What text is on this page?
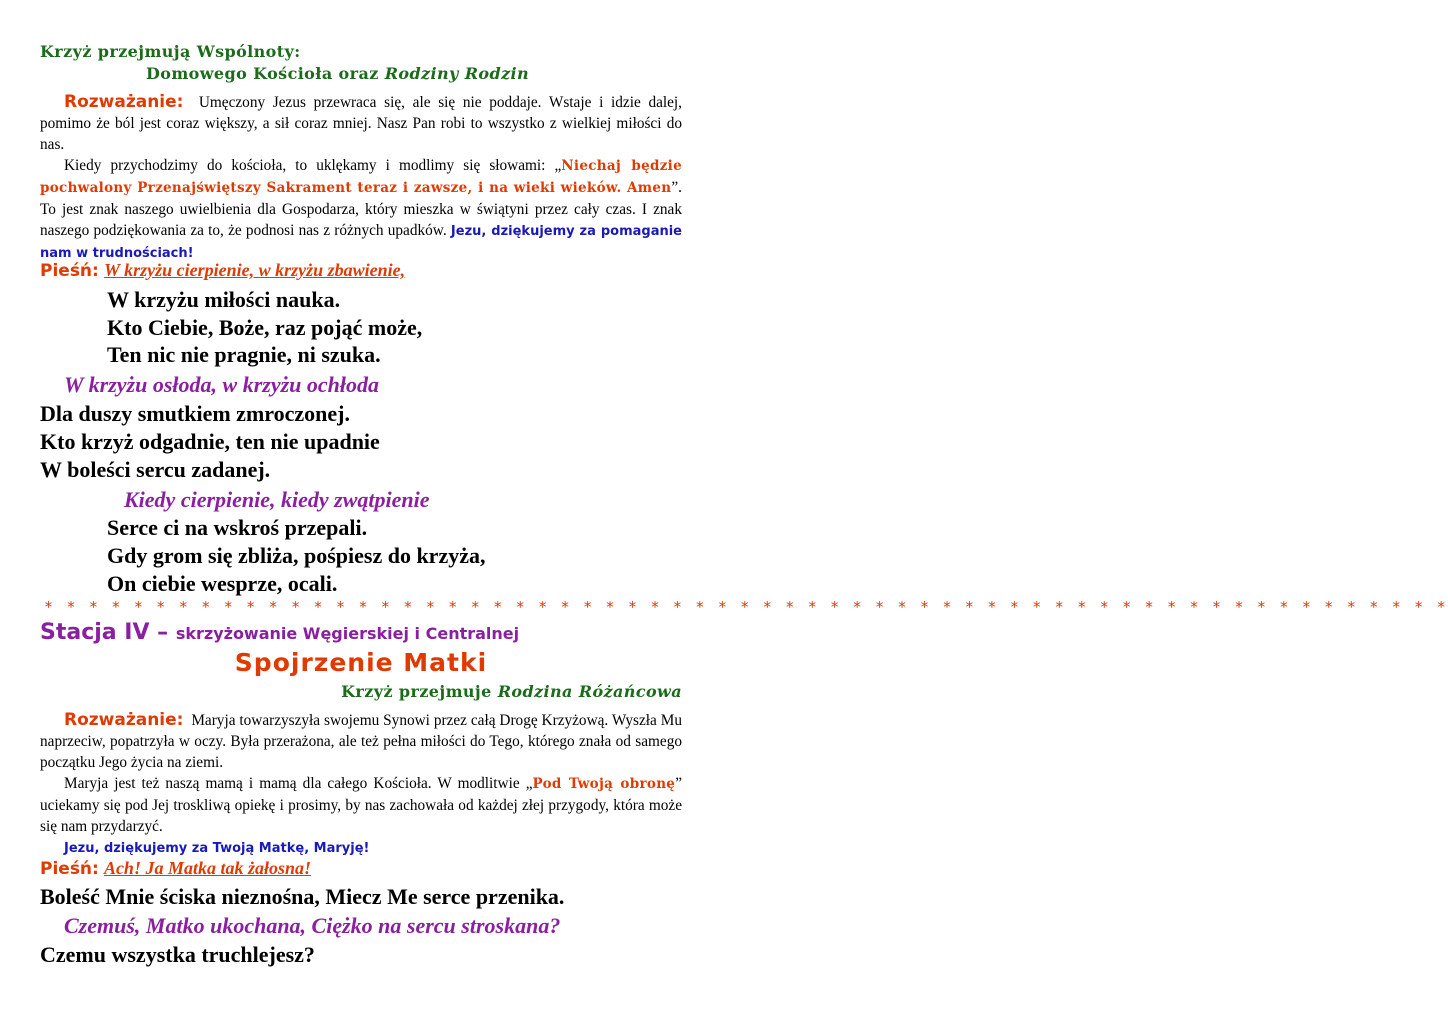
Krzyż przejmują Wspólnoty:
Domowego Kościoła oraz Rodziny Rodzin

Rozważanie: Umęczony Jezus przewraca się, ale się nie poddaje. Wstaje i idzie dalej, pomimo że ból jest coraz większy, a sił coraz mniej. Nasz Pan robi to wszystko z wielkiej miłości do nas.

Kiedy przychodzimy do kościoła, to uklękamy i modlimy się słowami: „Niechaj będzie pochwalony Przenajświętszy Sakrament teraz i zawsze, i na wieki wieków. Amen”. To jest znak naszego uwielbienia dla Gospodarza, który mieszka w świątyni przez cały czas. I znak naszego podziękowania za to, że podnosi nas z różnych upadków. Jezu, dziękujemy za pomaganie nam w trudnościach!

Pieśń: W krzyżu cierpienie, w krzyżu zbawienie,
W krzyżu miłości nauka.
Kto Ciebie, Boże, raz pojąć może,
Ten nic nie pragnie, ni szuka.
W krzyżu osłoda, w krzyżu ochłoda
Dla duszy smutkiem zmroczonej.
Kto krzyż odgadnie, ten nie upadnie
W boleści sercu zadanej.
Kiedy cierpienie, kiedy zwątpienie
Serce ci na wskroś przepali.
Gdy grom się zbliża, pośpiesz do krzyża,
On ciebie wesprze, ocali.
* * * * * * * * * * * * * * * * * * * * * * * * * * * * * * * * * * * * * * * * * * * * * * * * * * * * * * * * * * * * * * *
Stacja IV – skrzyżowanie Węgierskiej i Centralnej
Spojrzenie Matki
Krzyż przejmuje Rodzina Różańcowa

Rozważanie: Maryja towarzyszyła swojemu Synowi przez całą Drogę Krzyżową. Wyszła Mu naprzeciw, popatrzyła w oczy. Była przerażona, ale też pełna miłości do Tego, którego znała od samego początku Jego życia na ziemi.

Maryja jest też naszą mamą i mamą dla całego Kościoła. W modlitwie „Pod Twoją obronę” uciekamy się pod Jej troskliwą opiekę i prosimy, by nas zachowała od każdej złej przygody, która może się nam przydarzyć.

Jezu, dziękujemy za Twoją Matkę, Maryję!

Pieśń: Ach! Ja Matka tak żałosna!
Boleść Mnie ściska nieznośna, Miecz Me serce przenika.
Czemuś, Matko ukochana, Ciężko na sercu stroskana?
Czemu wszystka truchlejesz?
